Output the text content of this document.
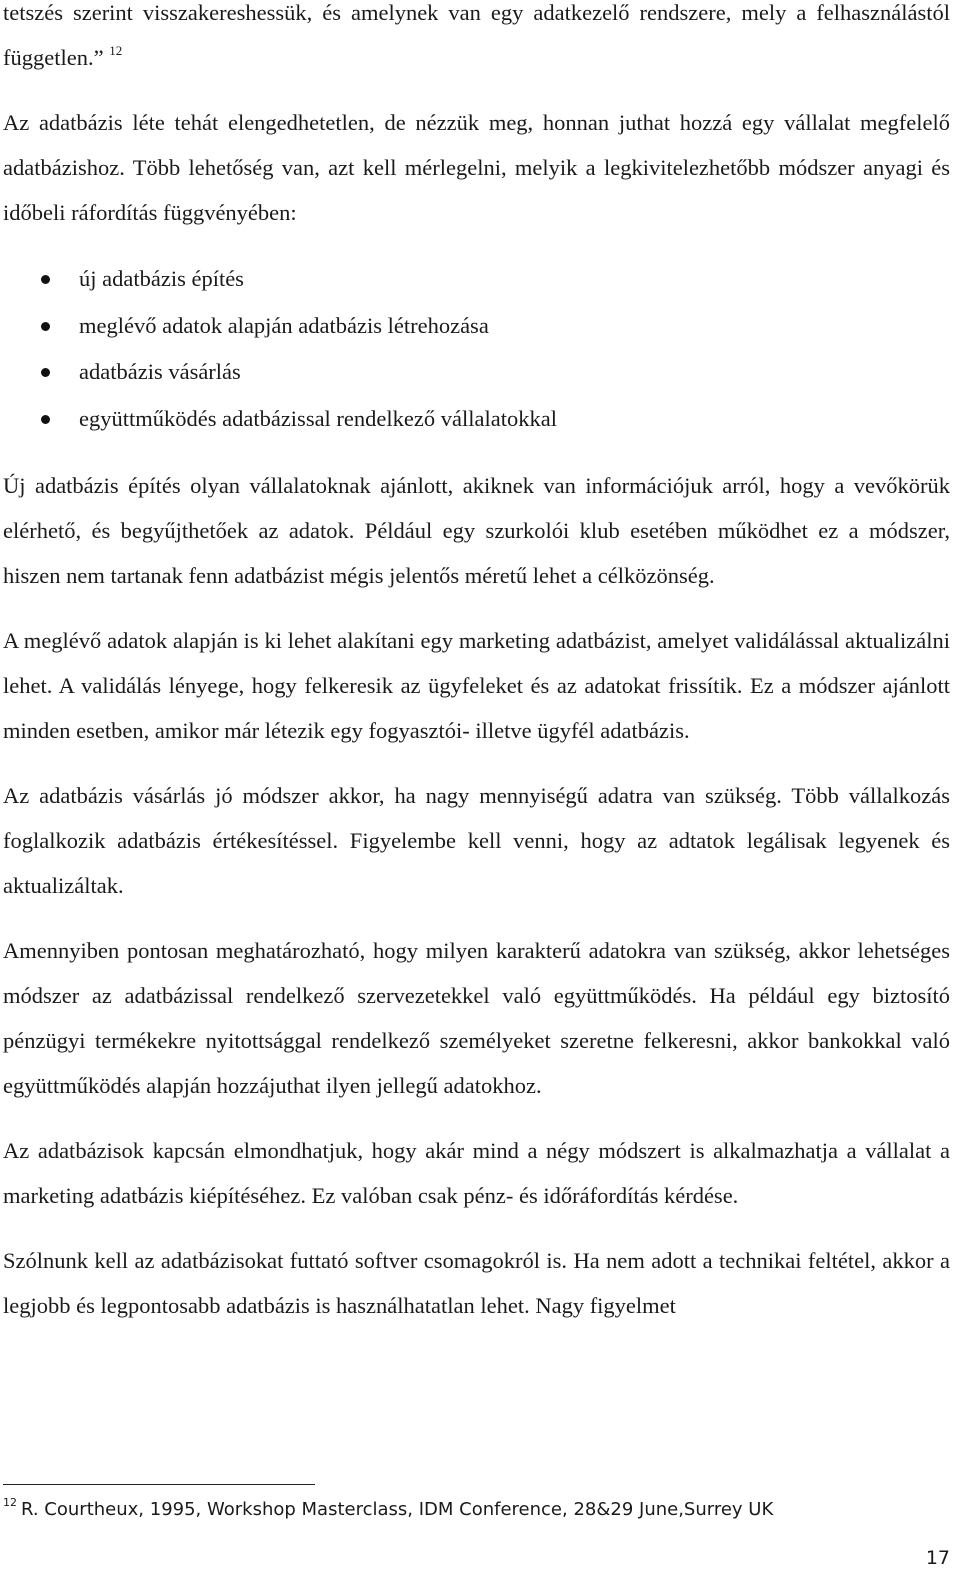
tetszés szerint visszakereshessük, és amelynek van egy adatkezelő rendszere, mely a felhasználástól független.” $^{12}$

Az adatbázis léte tehát elengedhetetlen, de nézzük meg, honnan juthat hozzá egy vállalat megfelelő adatbázishoz. Több lehetőség van, azt kell mérlegelni, melyik a legkivitelezhetőbb módszer anyagi és időbeli ráfordítás függvényében:

új adatbázis építés
meglévő adatok alapján adatbázis létrehozása
adatbázis vásárlás
együttműködés adatbázissal rendelkező vállalatokkal

Új adatbázis építés olyan vállalatoknak ajánlott, akiknek van információjuk arról, hogy a vevőkörük elérhető, és begyűjthetőek az adatok. Például egy szurkolói klub esetében működhet ez a módszer, hiszen nem tartanak fenn adatbázist mégis jelentős méretű lehet a célközönség.

A meglévő adatok alapján is ki lehet alakítani egy marketing adatbázist, amelyet validálással aktualizálni lehet. A validálás lényege, hogy felkeresik az ügyfeleket és az adatokat frissítik. Ez a módszer ajánlott minden esetben, amikor már létezik egy fogyasztói- illetve ügyfél adatbázis.

Az adatbázis vásárlás jó módszer akkor, ha nagy mennyiségű adatra van szükség. Több vállalkozás foglalkozik adatbázis értékesítéssel. Figyelembe kell venni, hogy az adtatok legálisak legyenek és aktualizáltak.

Amennyiben pontosan meghatározható, hogy milyen karakterű adatokra van szükség, akkor lehetséges módszer az adatbázissal rendelkező szervezetekkel való együttműködés. Ha például egy biztosító pénzügyi termékekre nyitottsággal rendelkező személyeket szeretne felkeresni, akkor bankokkal való együttműködés alapján hozzájuthat ilyen jellegű adatokhoz.

Az adatbázisok kapcsán elmondhatjuk, hogy akár mind a négy módszert is alkalmazhatja a vállalat a marketing adatbázis kiépítéséhez. Ez valóban csak pénz- és időráfordítás kérdése.

Szólnunk kell az adatbázisokat futtató softver csomagokról is. Ha nem adott a technikai feltétel, akkor a legjobb és legpontosabb adatbázis is használhatatlan lehet. Nagy figyelmet

$^{12}$ R. Courtheux, 1995, Workshop Masterclass, IDM Conference, 28&29 June,Surrey UK
17
